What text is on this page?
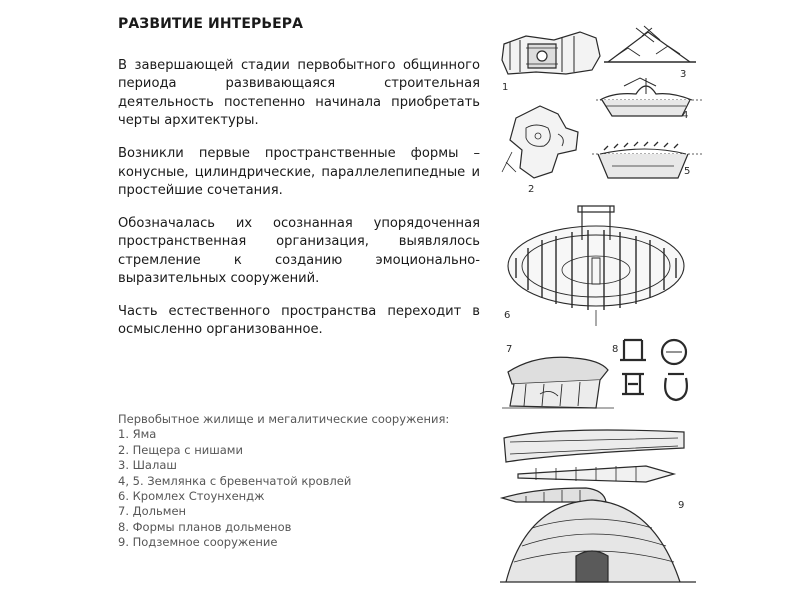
РАЗВИТИЕ ИНТЕРЬЕРА

В завершающей стадии первобытного общинного периода развивающаяся строительная деятельность постепенно начинала приобретать черты архитектуры.

Возникли первые пространственные формы – конусные, цилиндрические, параллелепипедные и простейшие сочетания.

Обозначалась их осознанная упорядоченная пространственная организация, выявлялось стремление к созданию эмоционально-выразительных сооружений.

Часть естественного пространства переходит в осмысленно организованное.

Первобытное жилище и мегалитические сооружения:

1. Яма
2. Пещера с нишами
3. Шалаш
4, 5. Землянка с бревенчатой кровлей
6. Кромлех Стоунхендж
7. Дольмен
8. Формы планов дольменов
9. Подземное сооружение
1
3
4
2
5
6
7	8
9
